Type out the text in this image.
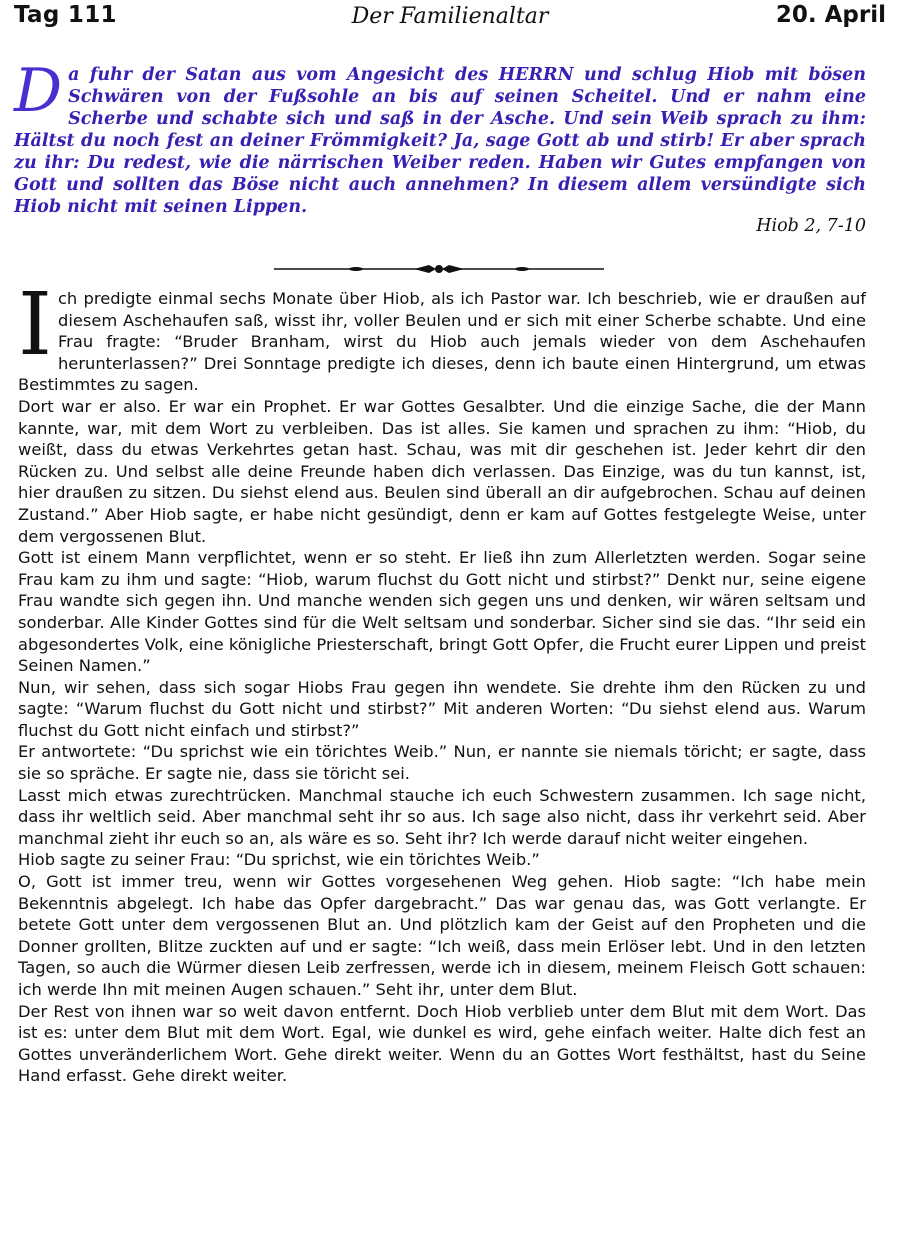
Tag 111	Der Familienaltar	20. April
D a fuhr der Satan aus vom Angesicht des HERRN und schlug Hiob mit bösen Schwären von der Fußsohle an bis auf seinen Scheitel. Und er nahm eine Scherbe und schabte sich und saß in der Asche. Und sein Weib sprach zu ihm: Hältst du noch fest an deiner Frömmigkeit? Ja, sage Gott ab und stirb! Er aber sprach zu ihr: Du redest, wie die närrischen Weiber reden. Haben wir Gutes empfangen von Gott und sollten das Böse nicht auch annehmen? In diesem allem versündigte sich Hiob nicht mit seinen Lippen.
Hiob 2, 7-10

Ich predigte einmal sechs Monate über Hiob, als ich Pastor war. Ich beschrieb, wie er draußen auf diesem Aschehaufen saß, wisst ihr, voller Beulen und er sich mit einer Scherbe schabte. Und eine Frau fragte: “Bruder Branham, wirst du Hiob auch jemals wieder von dem Aschehaufen herunterlassen?” Drei Sonntage predigte ich dieses, denn ich baute einen Hintergrund, um etwas Bestimmtes zu sagen.

Dort war er also. Er war ein Prophet. Er war Gottes Gesalbter. Und die einzige Sache, die der Mann kannte, war, mit dem Wort zu verbleiben. Das ist alles. Sie kamen und sprachen zu ihm: “Hiob, du weißt, dass du etwas Verkehrtes getan hast. Schau, was mit dir geschehen ist. Jeder kehrt dir den Rücken zu. Und selbst alle deine Freunde haben dich verlassen. Das Einzige, was du tun kannst, ist, hier draußen zu sitzen. Du siehst elend aus. Beulen sind überall an dir aufgebrochen. Schau auf deinen Zustand.” Aber Hiob sagte, er habe nicht gesündigt, denn er kam auf Gottes festgelegte Weise, unter dem vergossenen Blut.

Gott ist einem Mann verpflichtet, wenn er so steht. Er ließ ihn zum Allerletzten werden. Sogar seine Frau kam zu ihm und sagte: “Hiob, warum fluchst du Gott nicht und stirbst?” Denkt nur, seine eigene Frau wandte sich gegen ihn. Und manche wenden sich gegen uns und denken, wir wären seltsam und sonderbar. Alle Kinder Gottes sind für die Welt seltsam und sonderbar. Sicher sind sie das. “Ihr seid ein abgesondertes Volk, eine königliche Priesterschaft, bringt Gott Opfer, die Frucht eurer Lippen und preist Seinen Namen.”

Nun, wir sehen, dass sich sogar Hiobs Frau gegen ihn wendete. Sie drehte ihm den Rücken zu und sagte: “Warum fluchst du Gott nicht und stirbst?” Mit anderen Worten: “Du siehst elend aus. Warum fluchst du Gott nicht einfach und stirbst?”

Er antwortete: “Du sprichst wie ein törichtes Weib.” Nun, er nannte sie niemals töricht; er sagte, dass sie so spräche. Er sagte nie, dass sie töricht sei.

Lasst mich etwas zurechtrücken. Manchmal stauche ich euch Schwestern zusammen. Ich sage nicht, dass ihr weltlich seid. Aber manchmal seht ihr so aus. Ich sage also nicht, dass ihr verkehrt seid. Aber manchmal zieht ihr euch so an, als wäre es so. Seht ihr? Ich werde darauf nicht weiter eingehen.

Hiob sagte zu seiner Frau: “Du sprichst, wie ein törichtes Weib.”

O, Gott ist immer treu, wenn wir Gottes vorgesehenen Weg gehen. Hiob sagte: “Ich habe mein Bekenntnis abgelegt. Ich habe das Opfer dargebracht.” Das war genau das, was Gott verlangte. Er betete Gott unter dem vergossenen Blut an. Und plötzlich kam der Geist auf den Propheten und die Donner grollten, Blitze zuckten auf und er sagte: “Ich weiß, dass mein Erlöser lebt. Und in den letzten Tagen, so auch die Würmer diesen Leib zerfressen, werde ich in diesem, meinem Fleisch Gott schauen: ich werde Ihn mit meinen Augen schauen.” Seht ihr, unter dem Blut.

Der Rest von ihnen war so weit davon entfernt. Doch Hiob verblieb unter dem Blut mit dem Wort. Das ist es: unter dem Blut mit dem Wort. Egal, wie dunkel es wird, gehe einfach weiter. Halte dich fest an Gottes unveränderlichem Wort. Gehe direkt weiter. Wenn du an Gottes Wort festhältst, hast du Seine Hand erfasst. Gehe direkt weiter.
